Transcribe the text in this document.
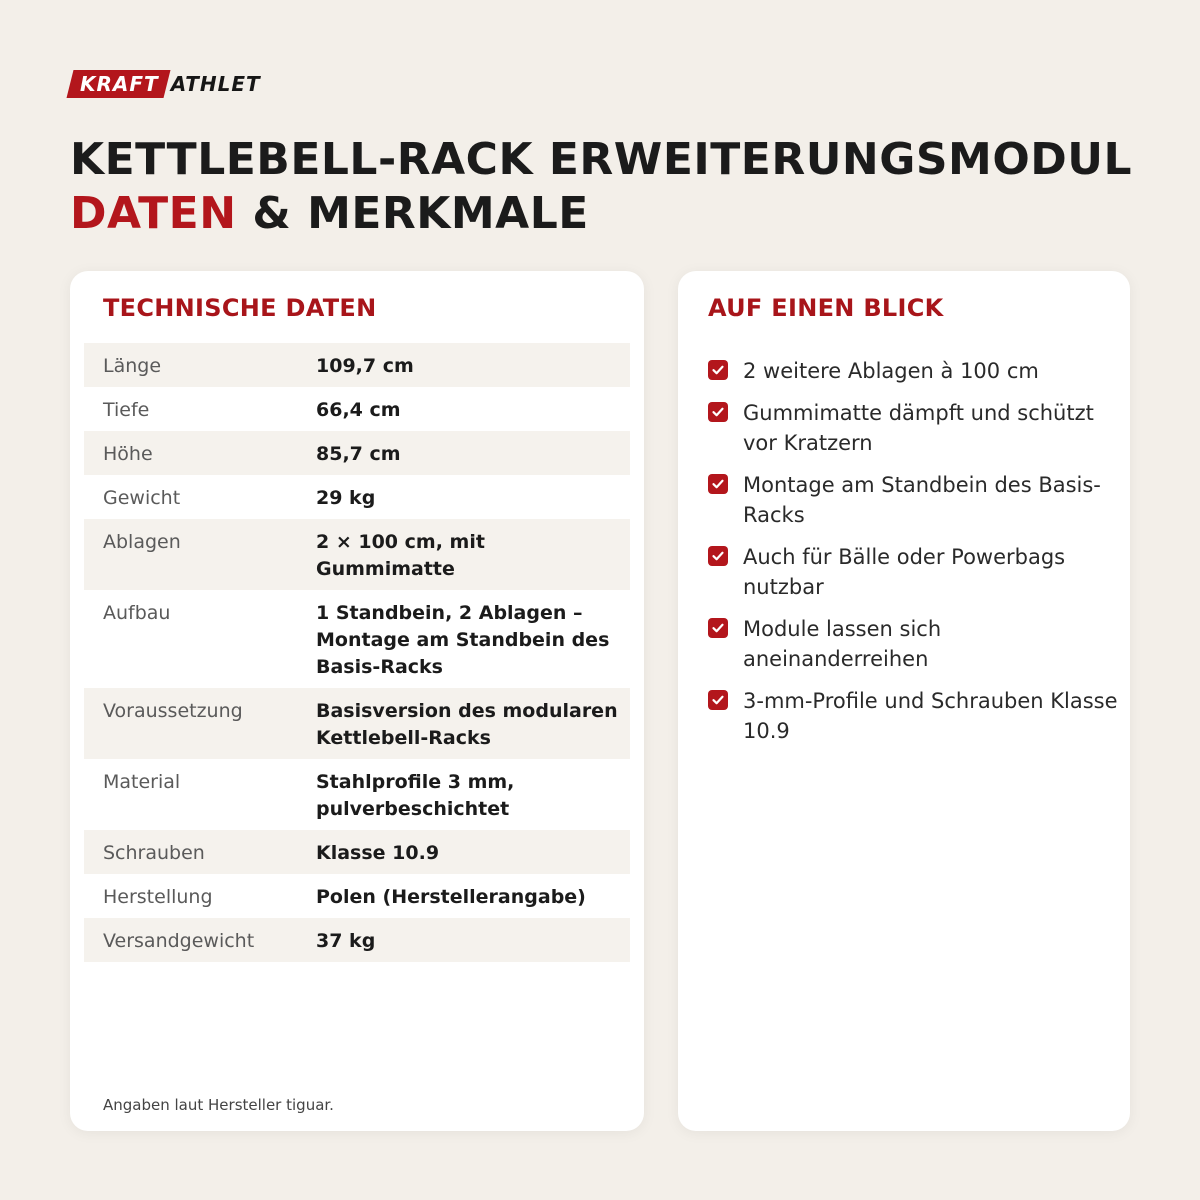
KRAFT ATHLET
KETTLEBELL-RACK ERWEITERUNGSMODUL
DATEN & MERKMALE
TECHNISCHE DATEN
Länge	109,7 cm
Tiefe	66,4 cm
Höhe	85,7 cm
Gewicht	29 kg
Ablagen	2 × 100 cm, mit Gummimatte
Aufbau	1 Standbein, 2 Ablagen – Montage am Standbein des Basis-Racks
Voraussetzung	Basisversion des modularen Kettlebell-Racks
Material	Stahlprofile 3 mm, pulverbeschichtet
Schrauben	Klasse 10.9
Herstellung	Polen (Herstellerangabe)
Versandgewicht	37 kg
Angaben laut Hersteller tiguar.
AUF EINEN BLICK
2 weitere Ablagen à 100 cm
Gummimatte dämpft und schützt vor Kratzern
Montage am Standbein des Basis-Racks
Auch für Bälle oder Powerbags nutzbar
Module lassen sich aneinanderreihen
3-mm-Profile und Schrauben Klasse 10.9
